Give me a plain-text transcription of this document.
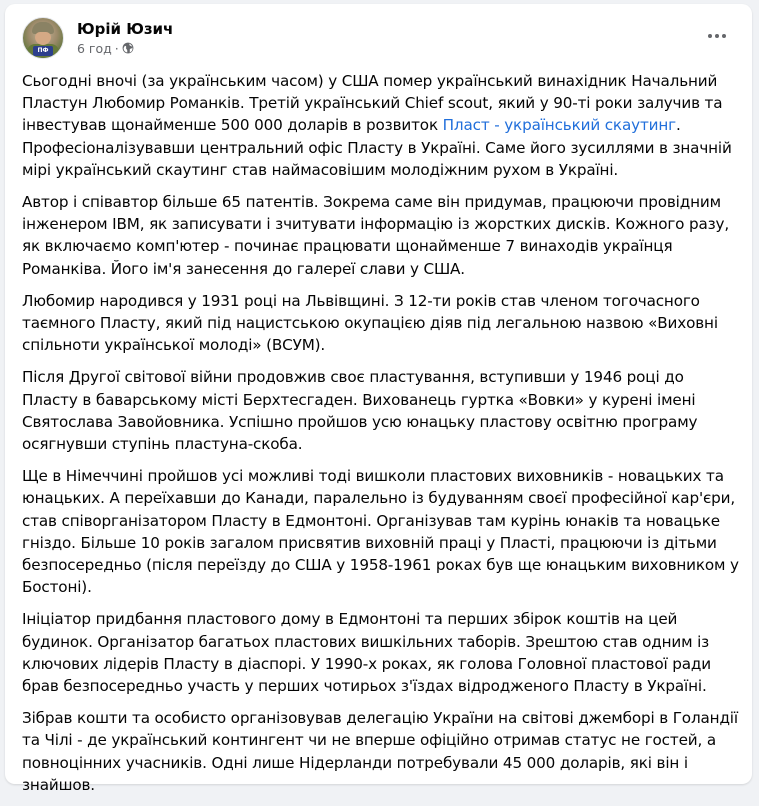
ПФ
Юрій Юзич
6 год ·

Сьогодні вночі (за українським часом) у США помер український винахідник Начальний Пластун Любомир Романків. Третій український Chief scout, який у 90-ті роки залучив та інвестував щонайменше 500 000 доларів в розвиток Пласт - український скаутинг. Професіоналізувавши центральний офіс Пласту в Україні. Саме його зусиллями в значній мірі український скаутинг став наймасовішим молодіжним рухом в Україні.

Автор і співавтор більше 65 патентів. Зокрема саме він придумав, працюючи провідним інженером IBM, як записувати і зчитувати інформацію із жорстких дисків. Кожного разу, як включаємо комп'ютер - починає працювати щонайменше 7 винаходів українця Романківа. Його ім'я занесення до галереї слави у США.

Любомир народився у 1931 році на Львівщині. З 12-ти років став членом тогочасного таємного Пласту, який під нацистською окупацією діяв під легальною назвою «Виховні спільноти української молоді» (ВСУМ).

Після Другої світової війни продовжив своє пластування, вступивши у 1946 році до Пласту в баварському місті Берхтесгаден. Вихованець гуртка «Вовки» у курені імені Святослава Завойовника. Успішно пройшов усю юнацьку пластову освітню програму осягнувши ступінь пластуна-скоба.

Ще в Німеччині пройшов усі можливі тоді вишколи пластових виховників - новацьких та юнацьких. А переїхавши до Канади, паралельно із будуванням своєї професійної кар'єри, став співорганізатором Пласту в Едмонтоні. Організував там курінь юнаків та новацьке гніздо. Більше 10 років загалом присвятив виховній праці у Пласті, працюючи із дітьми безпосередньо (після переїзду до США у 1958-1961 роках був ще юнацьким виховником у Бостоні).

Ініціатор придбання пластового дому в Едмонтоні та перших збірок коштів на цей будинок. Організатор багатьох пластових вишкільних таборів. Зрештою став одним із ключових лідерів Пласту в діаспорі. У 1990-х роках, як голова Головної пластової ради брав безпосередньо участь у перших чотирьох з'їздах відродженого Пласту в Україні.

Зібрав кошти та особисто організовував делегацію України на світові джемборі в Голандії та Чілі - де український контингент чи не вперше офіційно отримав статус не гостей, а повноцінних учасників. Одні лише Нідерланди потребували 45 000 доларів, які він і знайшов.
